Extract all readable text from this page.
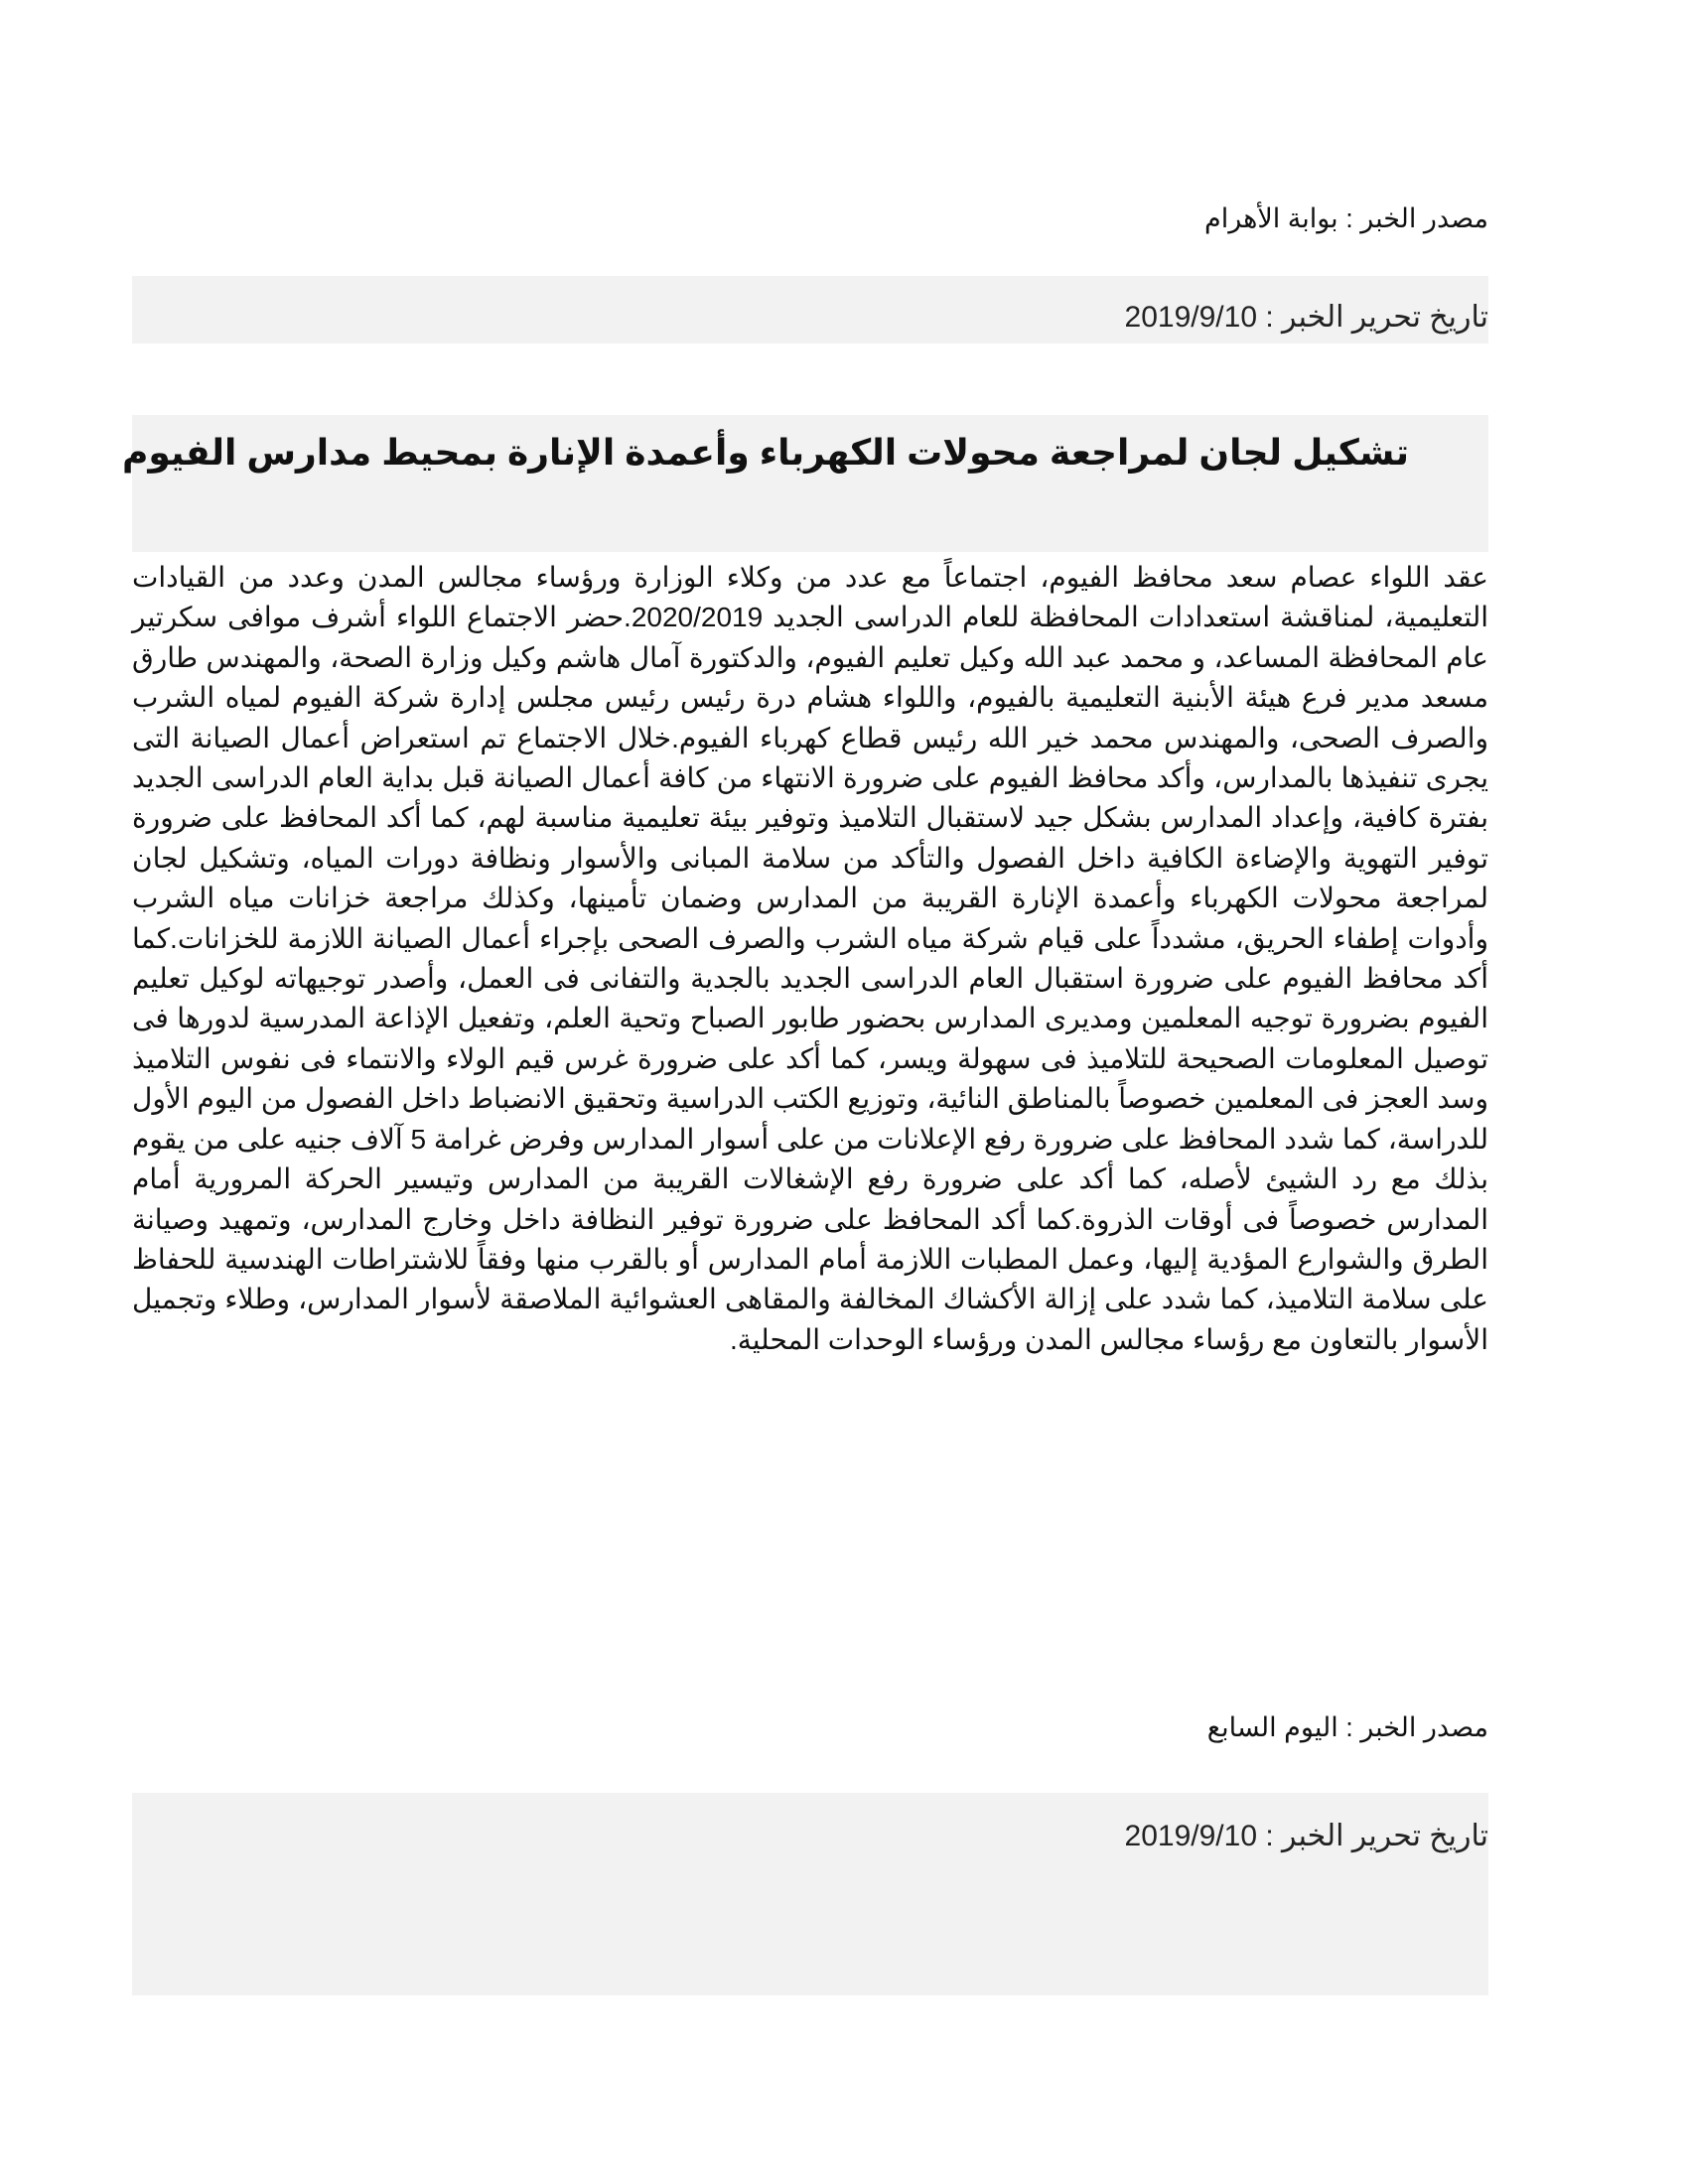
مصدر الخبر : بوابة الأهرام
تاريخ تحرير الخبر : 2019/9/10
تشكيل لجان لمراجعة محولات الكهرباء وأعمدة الإنارة بمحيط مدارس الفيوم

عقد اللواء عصام سعد محافظ الفيوم، اجتماعاً مع عدد من وكلاء الوزارة ورؤساء مجالس المدن وعدد من القيادات التعليمية، لمناقشة استعدادات المحافظة للعام الدراسى الجديد 2020/2019.حضر الاجتماع اللواء أشرف موافى سكرتير عام المحافظة المساعد، و محمد عبد الله وكيل تعليم الفيوم، والدكتورة آمال هاشم وكيل وزارة الصحة، والمهندس طارق مسعد مدير فرع هيئة الأبنية التعليمية بالفيوم، واللواء هشام درة رئيس رئيس مجلس إدارة شركة الفيوم لمياه الشرب والصرف الصحى، والمهندس محمد خير الله رئيس قطاع كهرباء الفيوم.خلال الاجتماع تم استعراض أعمال الصيانة التى يجرى تنفيذها بالمدارس، وأكد محافظ الفيوم على ضرورة الانتهاء من كافة أعمال الصيانة قبل بداية العام الدراسى الجديد بفترة كافية، وإعداد المدارس بشكل جيد لاستقبال التلاميذ وتوفير بيئة تعليمية مناسبة لهم، كما أكد المحافظ على ضرورة توفير التهوية والإضاءة الكافية داخل الفصول والتأكد من سلامة المبانى والأسوار ونظافة دورات المياه، وتشكيل لجان لمراجعة محولات الكهرباء وأعمدة الإنارة القريبة من المدارس وضمان تأمينها، وكذلك مراجعة خزانات مياه الشرب وأدوات إطفاء الحريق، مشدداً على قيام شركة مياه الشرب والصرف الصحى بإجراء أعمال الصيانة اللازمة للخزانات.كما أكد محافظ الفيوم على ضرورة استقبال العام الدراسى الجديد بالجدية والتفانى فى العمل، وأصدر توجيهاته لوكيل تعليم الفيوم بضرورة توجيه المعلمين ومديرى المدارس بحضور طابور الصباح وتحية العلم، وتفعيل الإذاعة المدرسية لدورها فى توصيل المعلومات الصحيحة للتلاميذ فى سهولة ويسر، كما أكد على ضرورة غرس قيم الولاء والانتماء فى نفوس التلاميذ وسد العجز فى المعلمين خصوصاً بالمناطق النائية، وتوزيع الكتب الدراسية وتحقيق الانضباط داخل الفصول من اليوم الأول للدراسة، كما شدد المحافظ على ضرورة رفع الإعلانات من على أسوار المدارس وفرض غرامة 5 آلاف جنيه على من يقوم بذلك مع رد الشيئ لأصله، كما أكد على ضرورة رفع الإشغالات القريبة من المدارس وتيسير الحركة المرورية أمام المدارس خصوصاً فى أوقات الذروة.كما أكد المحافظ على ضرورة توفير النظافة داخل وخارج المدارس، وتمهيد وصيانة الطرق والشوارع المؤدية إليها، وعمل المطبات اللازمة أمام المدارس أو بالقرب منها وفقاً للاشتراطات الهندسية للحفاظ على سلامة التلاميذ، كما شدد على إزالة الأكشاك المخالفة والمقاهى العشوائية الملاصقة لأسوار المدارس، وطلاء وتجميل الأسوار بالتعاون مع رؤساء مجالس المدن ورؤساء الوحدات المحلية.

مصدر الخبر : اليوم السابع
تاريخ تحرير الخبر : 2019/9/10
